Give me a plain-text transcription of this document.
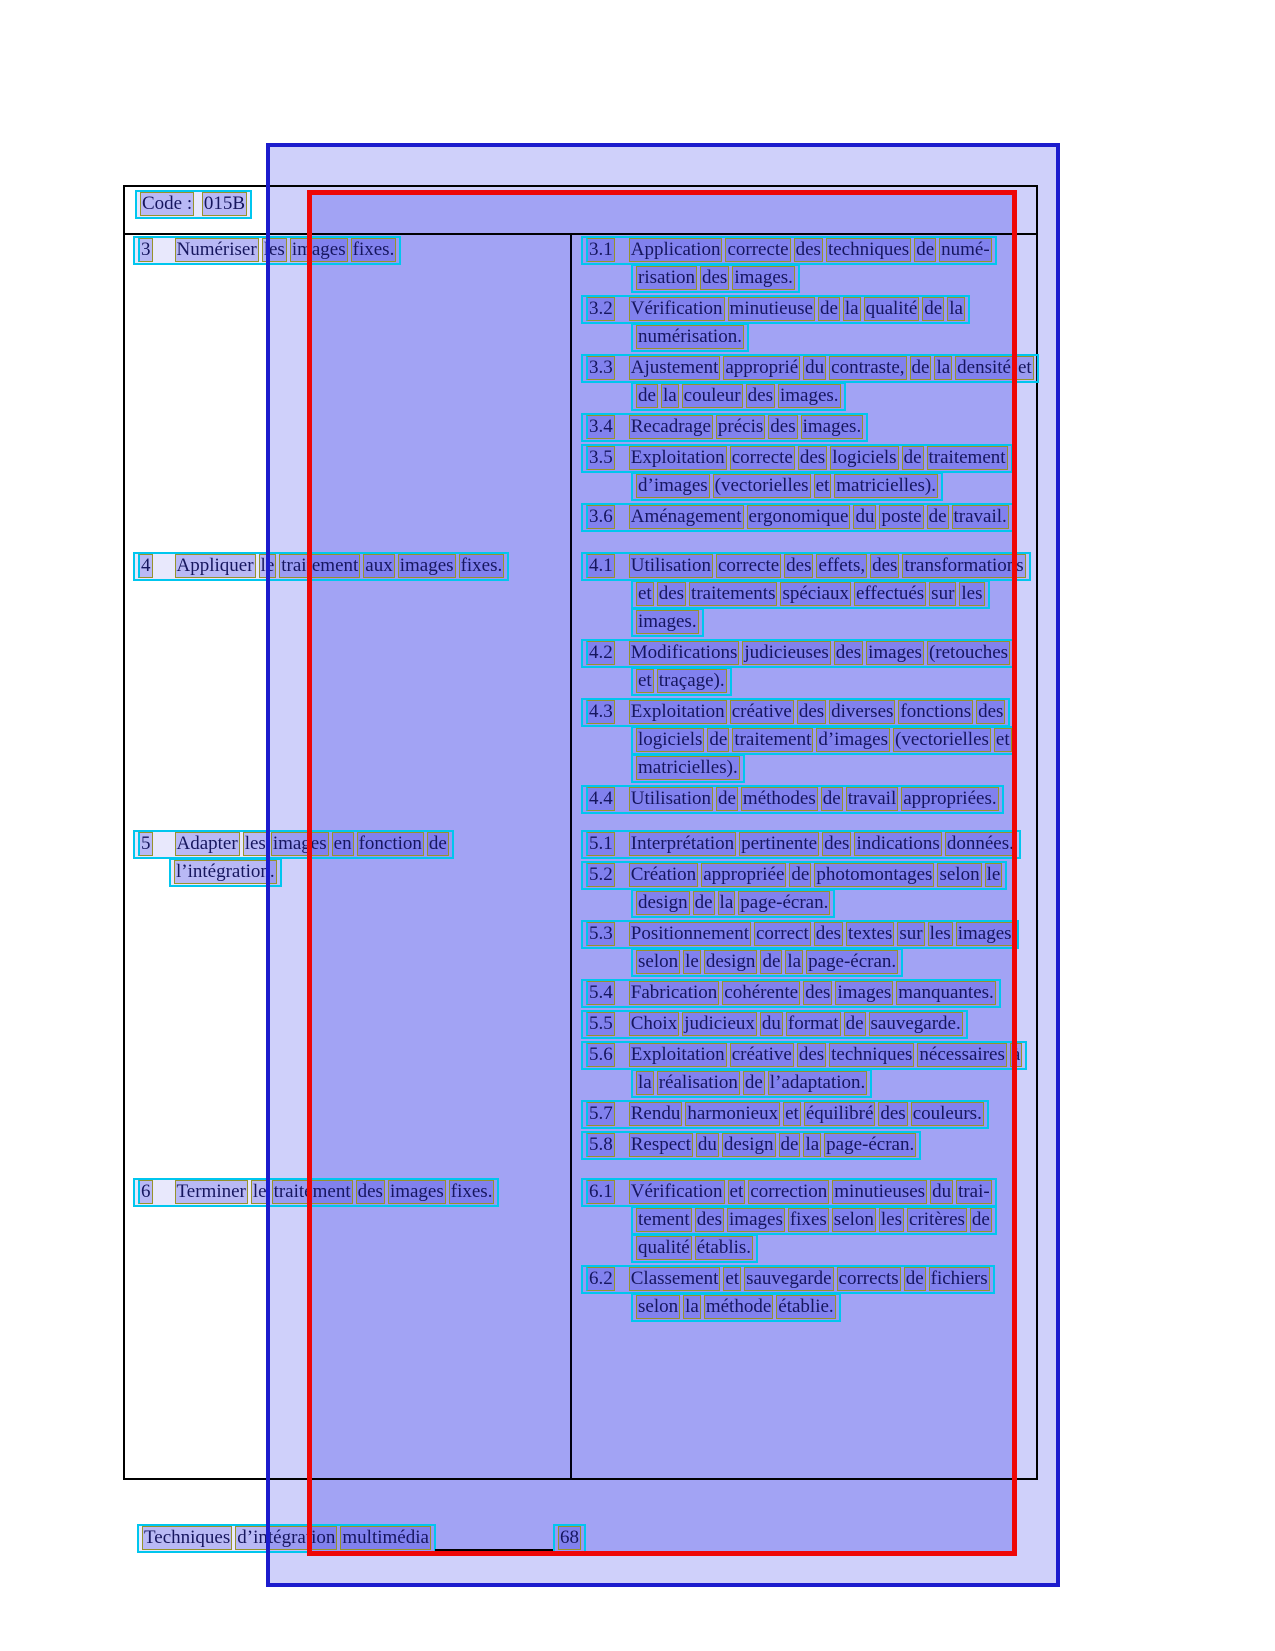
Code : 015B
3 Numériser les images fixes.	3.1 Application correcte des techniques de numé-
risation des images.
3.2 Vérification minutieuse de la qualité de la
numérisation.
3.3 Ajustement approprié du contraste, de la densité et
de la couleur des images.
3.4 Recadrage précis des images.
3.5 Exploitation correcte des logiciels de traitement
d’images (vectorielles et matricielles).
3.6 Aménagement ergonomique du poste de travail.
4 Appliquer le traitement aux images fixes.	4.1 Utilisation correcte des effets, des transformations
et des traitements spéciaux effectués sur les
images.
4.2 Modifications judicieuses des images (retouches
et traçage).
4.3 Exploitation créative des diverses fonctions des
logiciels de traitement d’images (vectorielles et
matricielles).
4.4 Utilisation de méthodes de travail appropriées.
5 Adapter les images en fonction de
l’intégration.
5.1 Interprétation pertinente des indications données.
5.2 Création appropriée de photomontages selon le
design de la page-écran.
5.3 Positionnement correct des textes sur les images
selon le design de la page-écran.
5.4 Fabrication cohérente des images manquantes.
5.5 Choix judicieux du format de sauvegarde.
5.6 Exploitation créative des techniques nécessaires à
la réalisation de l’adaptation.
5.7 Rendu harmonieux et équilibré des couleurs.
5.8 Respect du design de la page-écran.
6 Terminer le traitement des images fixes.	6.1 Vérification et correction minutieuses du trai-
tement des images fixes selon les critères de
qualité établis.
6.2 Classement et sauvegarde corrects de fichiers
selon la méthode établie.
Techniques d’intégration multimédia	68
